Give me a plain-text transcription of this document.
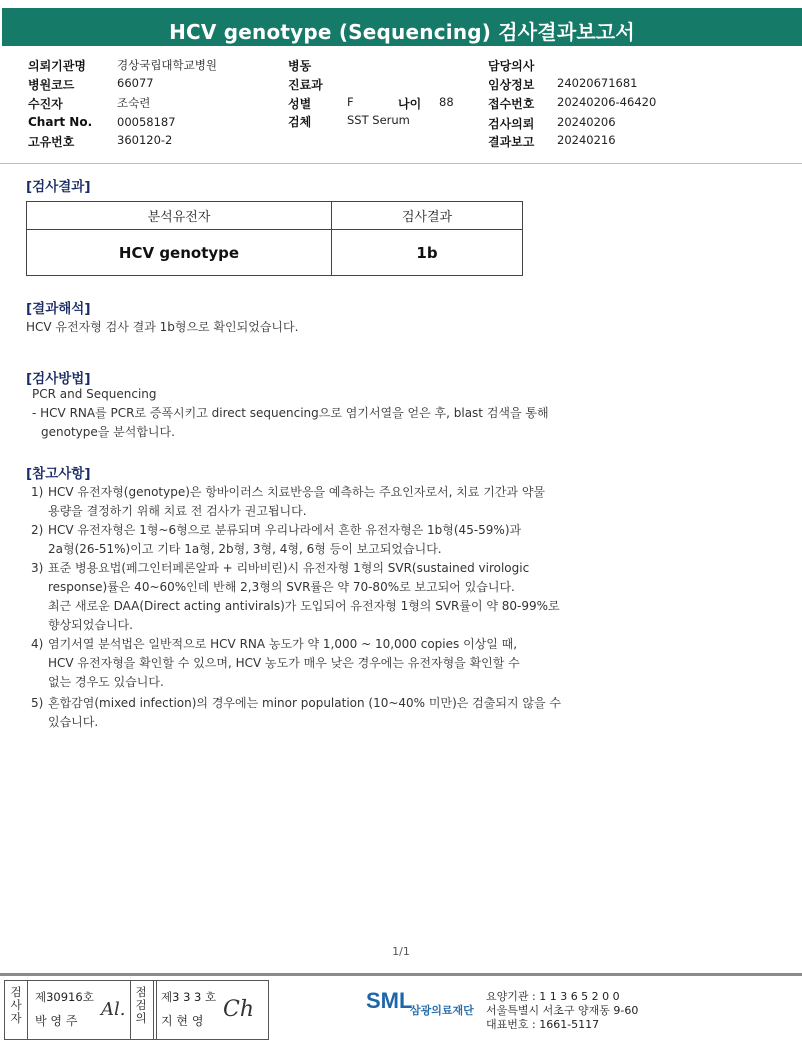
HCV genotype (Sequencing) 검사결과보고서
의뢰기관명	경상국립대학교병원
병원코드	66077
수진자	조숙련
Chart No. 00058187
고유번호	360120-2
병동
진료과
성별	F	나이 88
검체	SST Serum
담당의사
임상정보 24020671681
접수번호 20240206-46420
검사의뢰 20240206
결과보고 20240216
[검사결과]
분석유전자	검사결과
HCV genotype	1b
[결과해석]
HCV 유전자형 검사 결과 1b형으로 확인되었습니다.
[검사방법]
PCR and Sequencing
- HCV RNA를 PCR로 증폭시키고 direct sequencing으로 염기서열을 얻은 후, blast 검색을 통해
genotype을 분석합니다.
[참고사항]
1) HCV 유전자형(genotype)은 항바이러스 치료반응을 예측하는 주요인자로서, 치료 기간과 약물
용량을 결정하기 위해 치료 전 검사가 권고됩니다.
2) HCV 유전자형은 1형~6형으로 분류되며 우리나라에서 흔한 유전자형은 1b형(45-59%)과
2a형(26-51%)이고 기타 1a형, 2b형, 3형, 4형, 6형 등이 보고되었습니다.
3) 표준 병용요법(페그인터페론알파 + 리바비린)시 유전자형 1형의 SVR(sustained virologic
response)률은 40~60%인데 반해 2,3형의 SVR률은 약 70-80%로 보고되어 있습니다.
최근 새로운 DAA(Direct acting antivirals)가 도입되어 유전자형 1형의 SVR률이 약 80-99%로
향상되었습니다.
4) 염기서열 분석법은 일반적으로 HCV RNA 농도가 약 1,000 ~ 10,000 copies 이상일 때,
HCV 유전자형을 확인할 수 있으며, HCV 농도가 매우 낮은 경우에는 유전자형을 확인할 수
없는 경우도 있습니다.
5) 혼합감염(mixed infection)의 경우에는 minor population (10~40% 미만)은 검출되지 않을 수
있습니다.
1/1
검사자
제30916호
박 영 주
Al.
점검의
제3 3 3 호
지 현 영 Ch	SML
삼광의료재단
요양기관 : 1 1 3 6 5 2 0 0
서울특별시 서초구 양재동 9-60
대표번호 : 1661-5117
